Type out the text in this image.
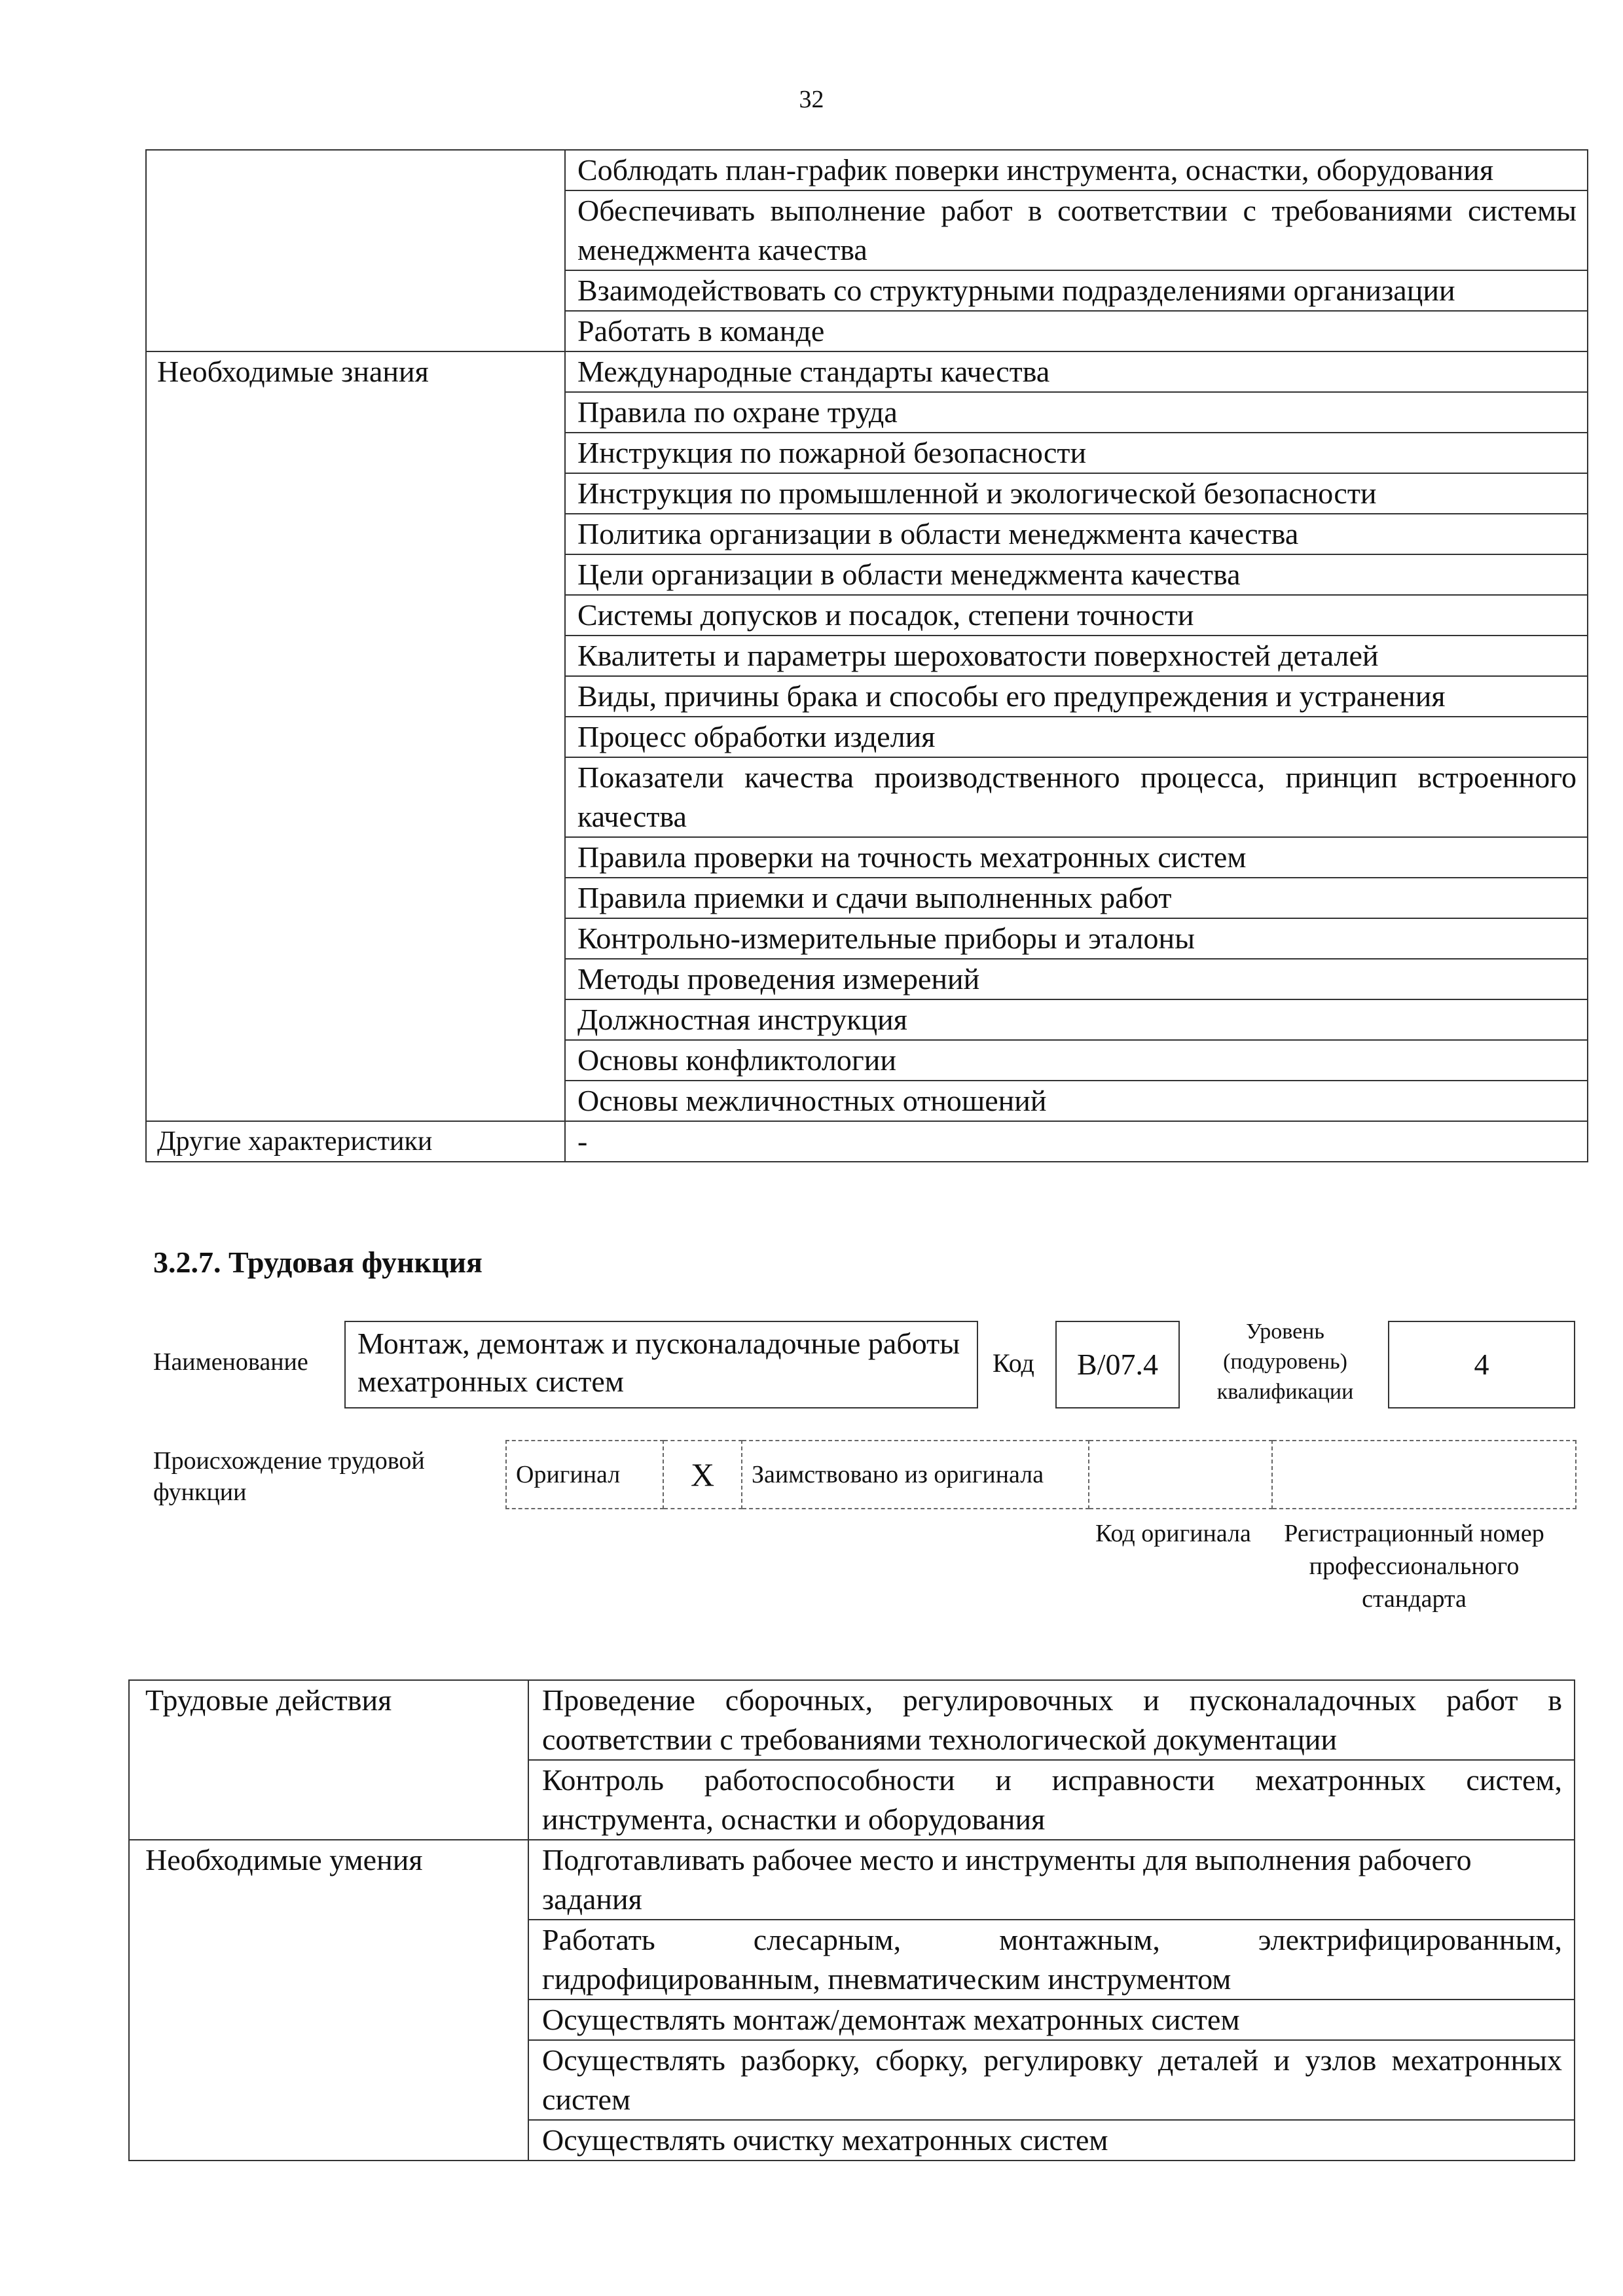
32
	Соблюдать план-график поверки инструмента, оснастки, оборудования
	Обеспечивать выполнение работ в соответствии с требованиями системы менеджмента качества
	Взаимодействовать со структурными подразделениями организации
	Работать в команде
Необходимые знания	Международные стандарты качества
	Правила по охране труда
	Инструкция по пожарной безопасности
	Инструкция по промышленной и экологической безопасности
	Политика организации в области менеджмента качества
	Цели организации в области менеджмента качества
	Системы допусков и посадок, степени точности
	Квалитеты и параметры шероховатости поверхностей деталей
	Виды, причины брака и способы его предупреждения и устранения
	Процесс обработки изделия
	Показатели качества производственного процесса, принцип встроенного качества
	Правила проверки на точность мехатронных систем
	Правила приемки и сдачи выполненных работ
	Контрольно-измерительные приборы и эталоны
	Методы проведения измерений
	Должностная инструкция
	Основы конфликтологии
	Основы межличностных отношений
Другие характеристики	-
3.2.7. Трудовая функция
Наименование
Монтаж, демонтаж и пусконаладочные работы мехатронных систем
Код	B/07.4
Уровень (подуровень) квалификации
4
Происхождение трудовой функции
Оригинал	X	Заимствовано из оригинала		
Код оригинала Регистрационный номер профессионального стандарта
Трудовые действия	Проведение сборочных, регулировочных и пусконаладочных работ в соответствии с требованиями технологической документации
	Контроль работоспособности и исправности мехатронных систем, инструмента, оснастки и оборудования
Необходимые умения	Подготавливать рабочее место и инструменты для выполнения рабочего задания
	Работать слесарным, монтажным, электрифицированным, гидрофицированным, пневматическим инструментом
	Осуществлять монтаж/демонтаж мехатронных систем
	Осуществлять разборку, сборку, регулировку деталей и узлов мехатронных систем
	Осуществлять очистку мехатронных систем
